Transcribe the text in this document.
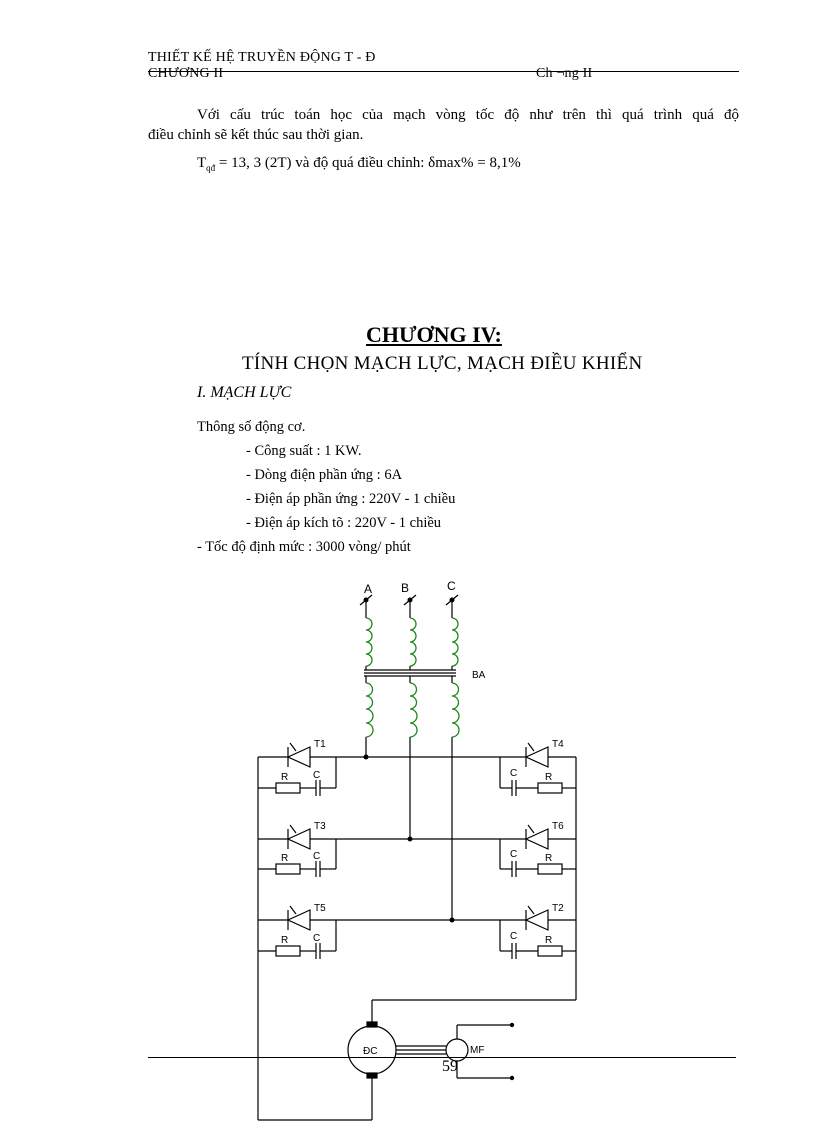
THIẾT KẾ HỆ TRUYỀN ĐỘNG T - Đ
CHƯƠNG II	Ch ¬ng II
Với cấu trúc toán học của mạch vòng tốc độ như trên thì quá trình quá độ
điều chỉnh sẽ kết thúc sau thời gian.
$T_{qđ} = 13$, 3 (2T) và độ quá điều chỉnh: δmax% = 8,1%
CHƯƠNG IV:
TÍNH CHỌN MẠCH LỰC, MẠCH ĐIỀU KHIỂN
I. MẠCH LỰC
Thông số động cơ.
- Công suất : 1 KW.
- Dòng điện phần ứng : 6A
- Điện áp phần ứng : 220V - 1 chiều
- Điện áp kích tõ : 220V - 1 chiều
- Tốc độ định mức : 3000 vòng/ phút
A B	C
BA
T1
T3
T5
T4
T6
T2
R C
R C
R C
C	R
C	R
C	R
ĐC	MF
59
